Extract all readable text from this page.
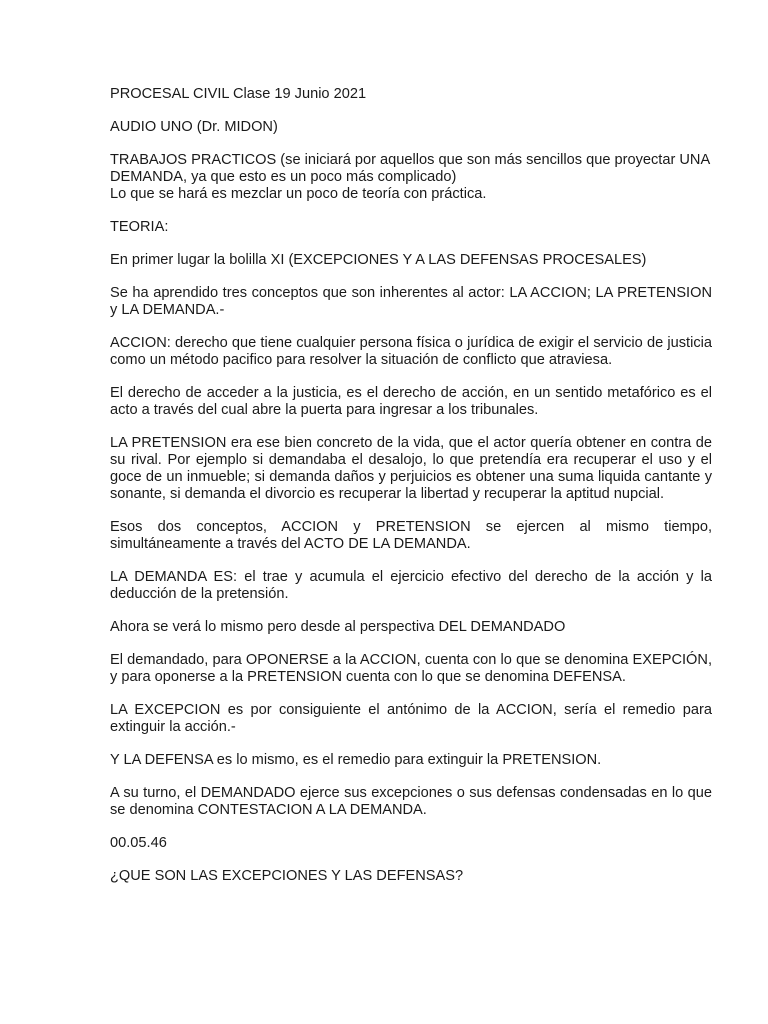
PROCESAL CIVIL Clase 19 Junio 2021

AUDIO UNO (Dr. MIDON)

TRABAJOS PRACTICOS (se iniciará por aquellos que son más sencillos que proyectar UNA DEMANDA, ya que esto es un poco más complicado)

Lo que se hará es mezclar un poco de teoría con práctica.

TEORIA:

En primer lugar la bolilla XI (EXCEPCIONES Y A LAS DEFENSAS PROCESALES)

Se ha aprendido tres conceptos que son inherentes al actor: LA ACCION; LA PRETENSION y LA DEMANDA.-

ACCION: derecho que tiene cualquier persona física o jurídica de exigir el servicio de justicia como un método pacifico para resolver la situación de conflicto que atraviesa.

El derecho de acceder a la justicia, es el derecho de acción, en un sentido metafórico es el acto a través del cual abre la puerta para ingresar a los tribunales.

LA PRETENSION era ese bien concreto de la vida, que el actor quería obtener en contra de su rival. Por ejemplo si demandaba el desalojo, lo que pretendía era recuperar el uso y el goce de un inmueble; si demanda daños y perjuicios es obtener una suma liquida cantante y sonante, si demanda el divorcio es recuperar la libertad y recuperar la aptitud nupcial.

Esos dos conceptos, ACCION y PRETENSION se ejercen al mismo tiempo, simultáneamente a través del ACTO DE LA DEMANDA.

LA DEMANDA ES: el trae y acumula el ejercicio efectivo del derecho de la acción y la deducción de la pretensión.

Ahora se verá lo mismo pero desde al perspectiva DEL DEMANDADO

El demandado, para OPONERSE a la ACCION, cuenta con lo que se denomina EXEPCIÓN, y para oponerse a la PRETENSION cuenta con lo que se denomina DEFENSA.

LA EXCEPCION es por consiguiente el antónimo de la ACCION, sería el remedio para extinguir la acción.-

Y LA DEFENSA es lo mismo, es el remedio para extinguir la PRETENSION.

A su turno, el DEMANDADO ejerce sus excepciones o sus defensas condensadas en lo que se denomina CONTESTACION A LA DEMANDA.

00.05.46

¿QUE SON LAS EXCEPCIONES Y LAS DEFENSAS?
